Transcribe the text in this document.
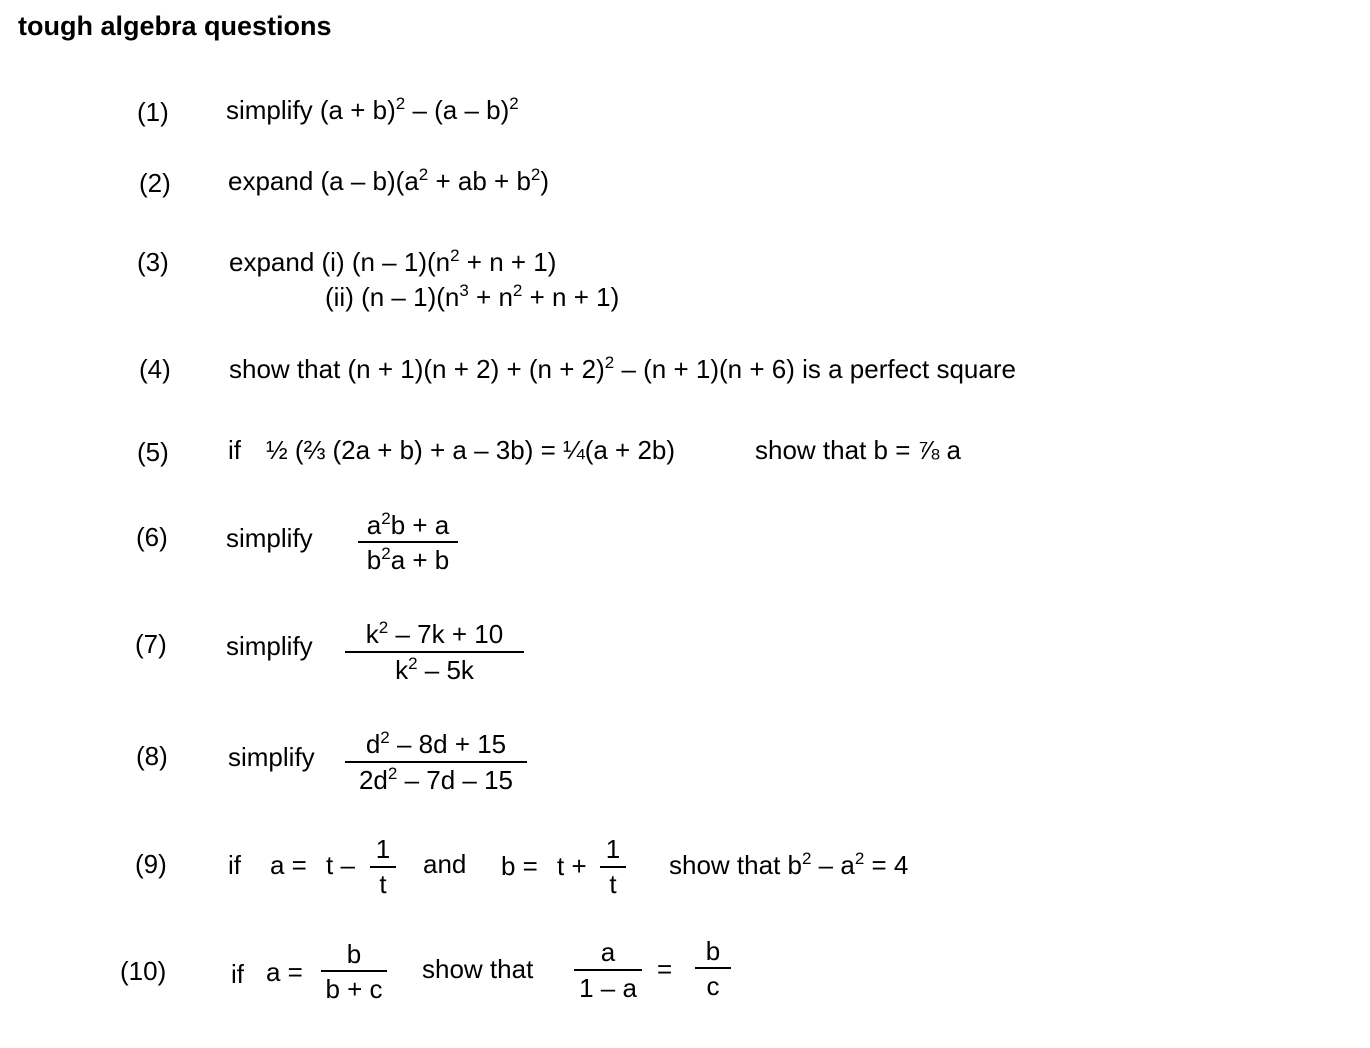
tough algebra questions
(1) simplify $(a + b)^2 - (a - b)^2$
(2) expand $(a - b)(a^2$ + ab + $b^2$)
(3) expand (i) $(n - 1)(n^2 + n + 1)$
(ii) $(n - 1)(n^3 + n^2 + n + 1)$
(4) show that $(n + 1)(n + 2) + (n + 2)^2 - (n + 1)(n + 6)$ is a perfect square
(5) if ½ (⅔ (2a + b) + a – 3b) = ¼(a + 2b)	show that b = ⅞ a
(6) simplify	$a^2b + a$
$b^2a + b$
(7) simplify	$k^2 - 7k + 10$
$k^2 - 5k$
(8) simplify	$d^2 - 8d + 15$
$2d^2 - 7d - 15$
(9) if a = t –
1
t
and b = t +
1
t
show that $b^2 - a^2 = 4$
(10) if a =
b
b + c
show that
a
1 – a
=
b
c
